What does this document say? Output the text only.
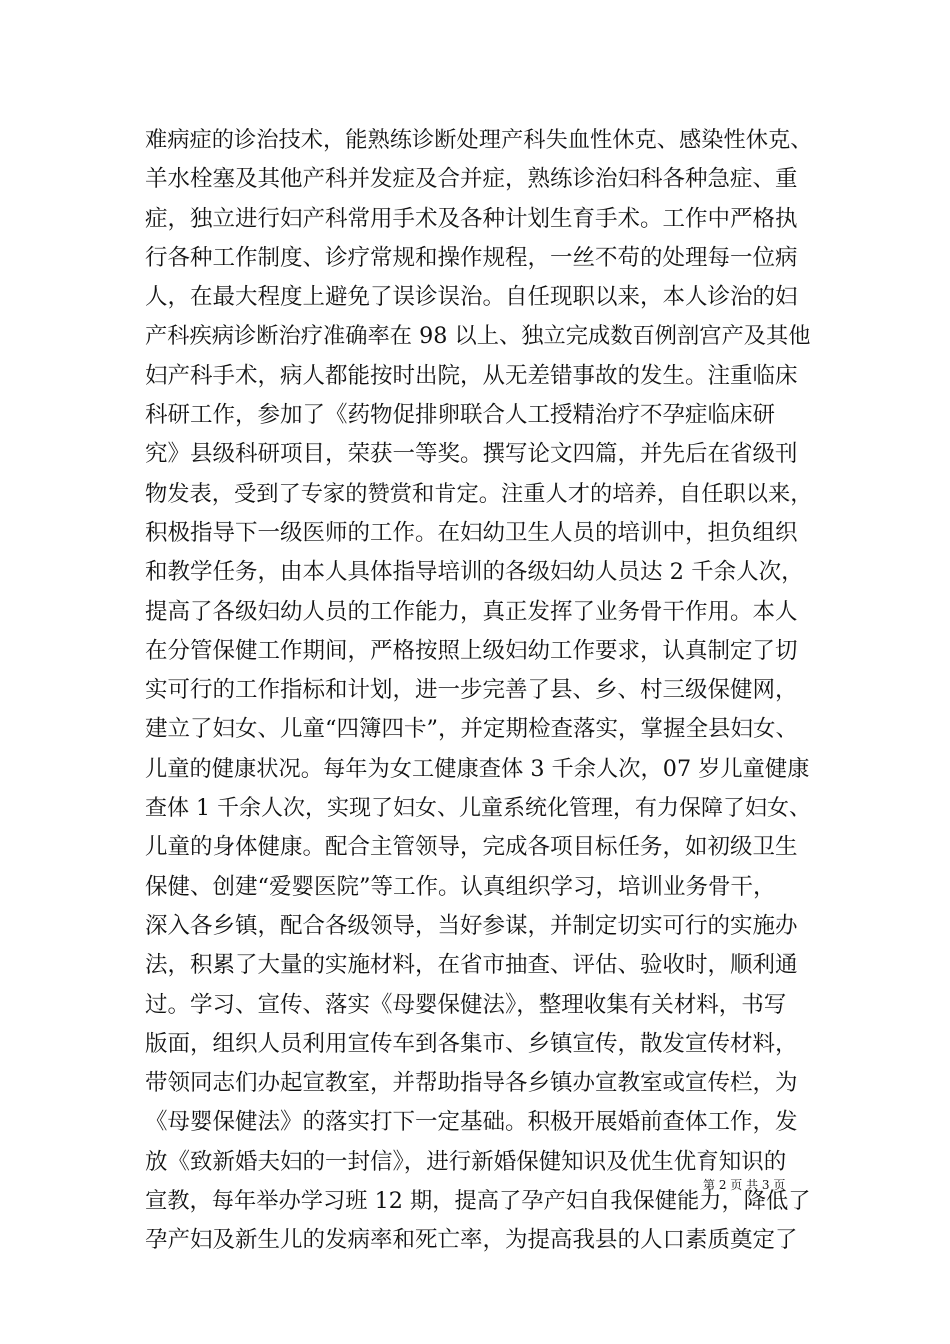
难病症的诊治技术，能熟练诊断处理产科失血性休克、感染性休克、
羊水栓塞及其他产科并发症及合并症，熟练诊治妇科各种急症、重
症，独立进行妇产科常用手术及各种计划生育手术。工作中严格执
行各种工作制度、诊疗常规和操作规程，一丝不苟的处理每一位病
人，在最大程度上避免了误诊误治。自任现职以来，本人诊治的妇
产科疾病诊断治疗准确率在 98 以上、独立完成数百例剖宫产及其他
妇产科手术，病人都能按时出院，从无差错事故的发生。注重临床
科研工作，参加了《药物促排卵联合人工授精治疗不孕症临床研
究》县级科研项目，荣获一等奖。撰写论文四篇，并先后在省级刊
物发表，受到了专家的赞赏和肯定。注重人才的培养，自任职以来，
积极指导下一级医师的工作。在妇幼卫生人员的培训中，担负组织
和教学任务，由本人具体指导培训的各级妇幼人员达 2 千余人次，
提高了各级妇幼人员的工作能力，真正发挥了业务骨干作用。本人
在分管保健工作期间，严格按照上级妇幼工作要求，认真制定了切
实可行的工作指标和计划，进一步完善了县、乡、村三级保健网，
建立了妇女、儿童“四簿四卡”，并定期检查落实，掌握全县妇女、
儿童的健康状况。每年为女工健康查体 3 千余人次，07 岁儿童健康
查体 1 千余人次，实现了妇女、儿童系统化管理，有力保障了妇女、
儿童的身体健康。配合主管领导，完成各项目标任务，如初级卫生
保健、创建“爱婴医院”等工作。认真组织学习，培训业务骨干，
深入各乡镇，配合各级领导，当好参谋，并制定切实可行的实施办
法，积累了大量的实施材料，在省市抽查、评估、验收时，顺利通
过。学习、宣传、落实《母婴保健法》，整理收集有关材料，书写
版面，组织人员利用宣传车到各集市、乡镇宣传，散发宣传材料，
带领同志们办起宣教室，并帮助指导各乡镇办宣教室或宣传栏，为
《母婴保健法》的落实打下一定基础。积极开展婚前查体工作，发
放《致新婚夫妇的一封信》，进行新婚保健知识及优生优育知识的
宣教，每年举办学习班 12 期，提高了孕产妇自我保健能力，降低了
孕产妇及新生儿的发病率和死亡率，为提高我县的人口素质奠定了
第 2 页 共 3 页
